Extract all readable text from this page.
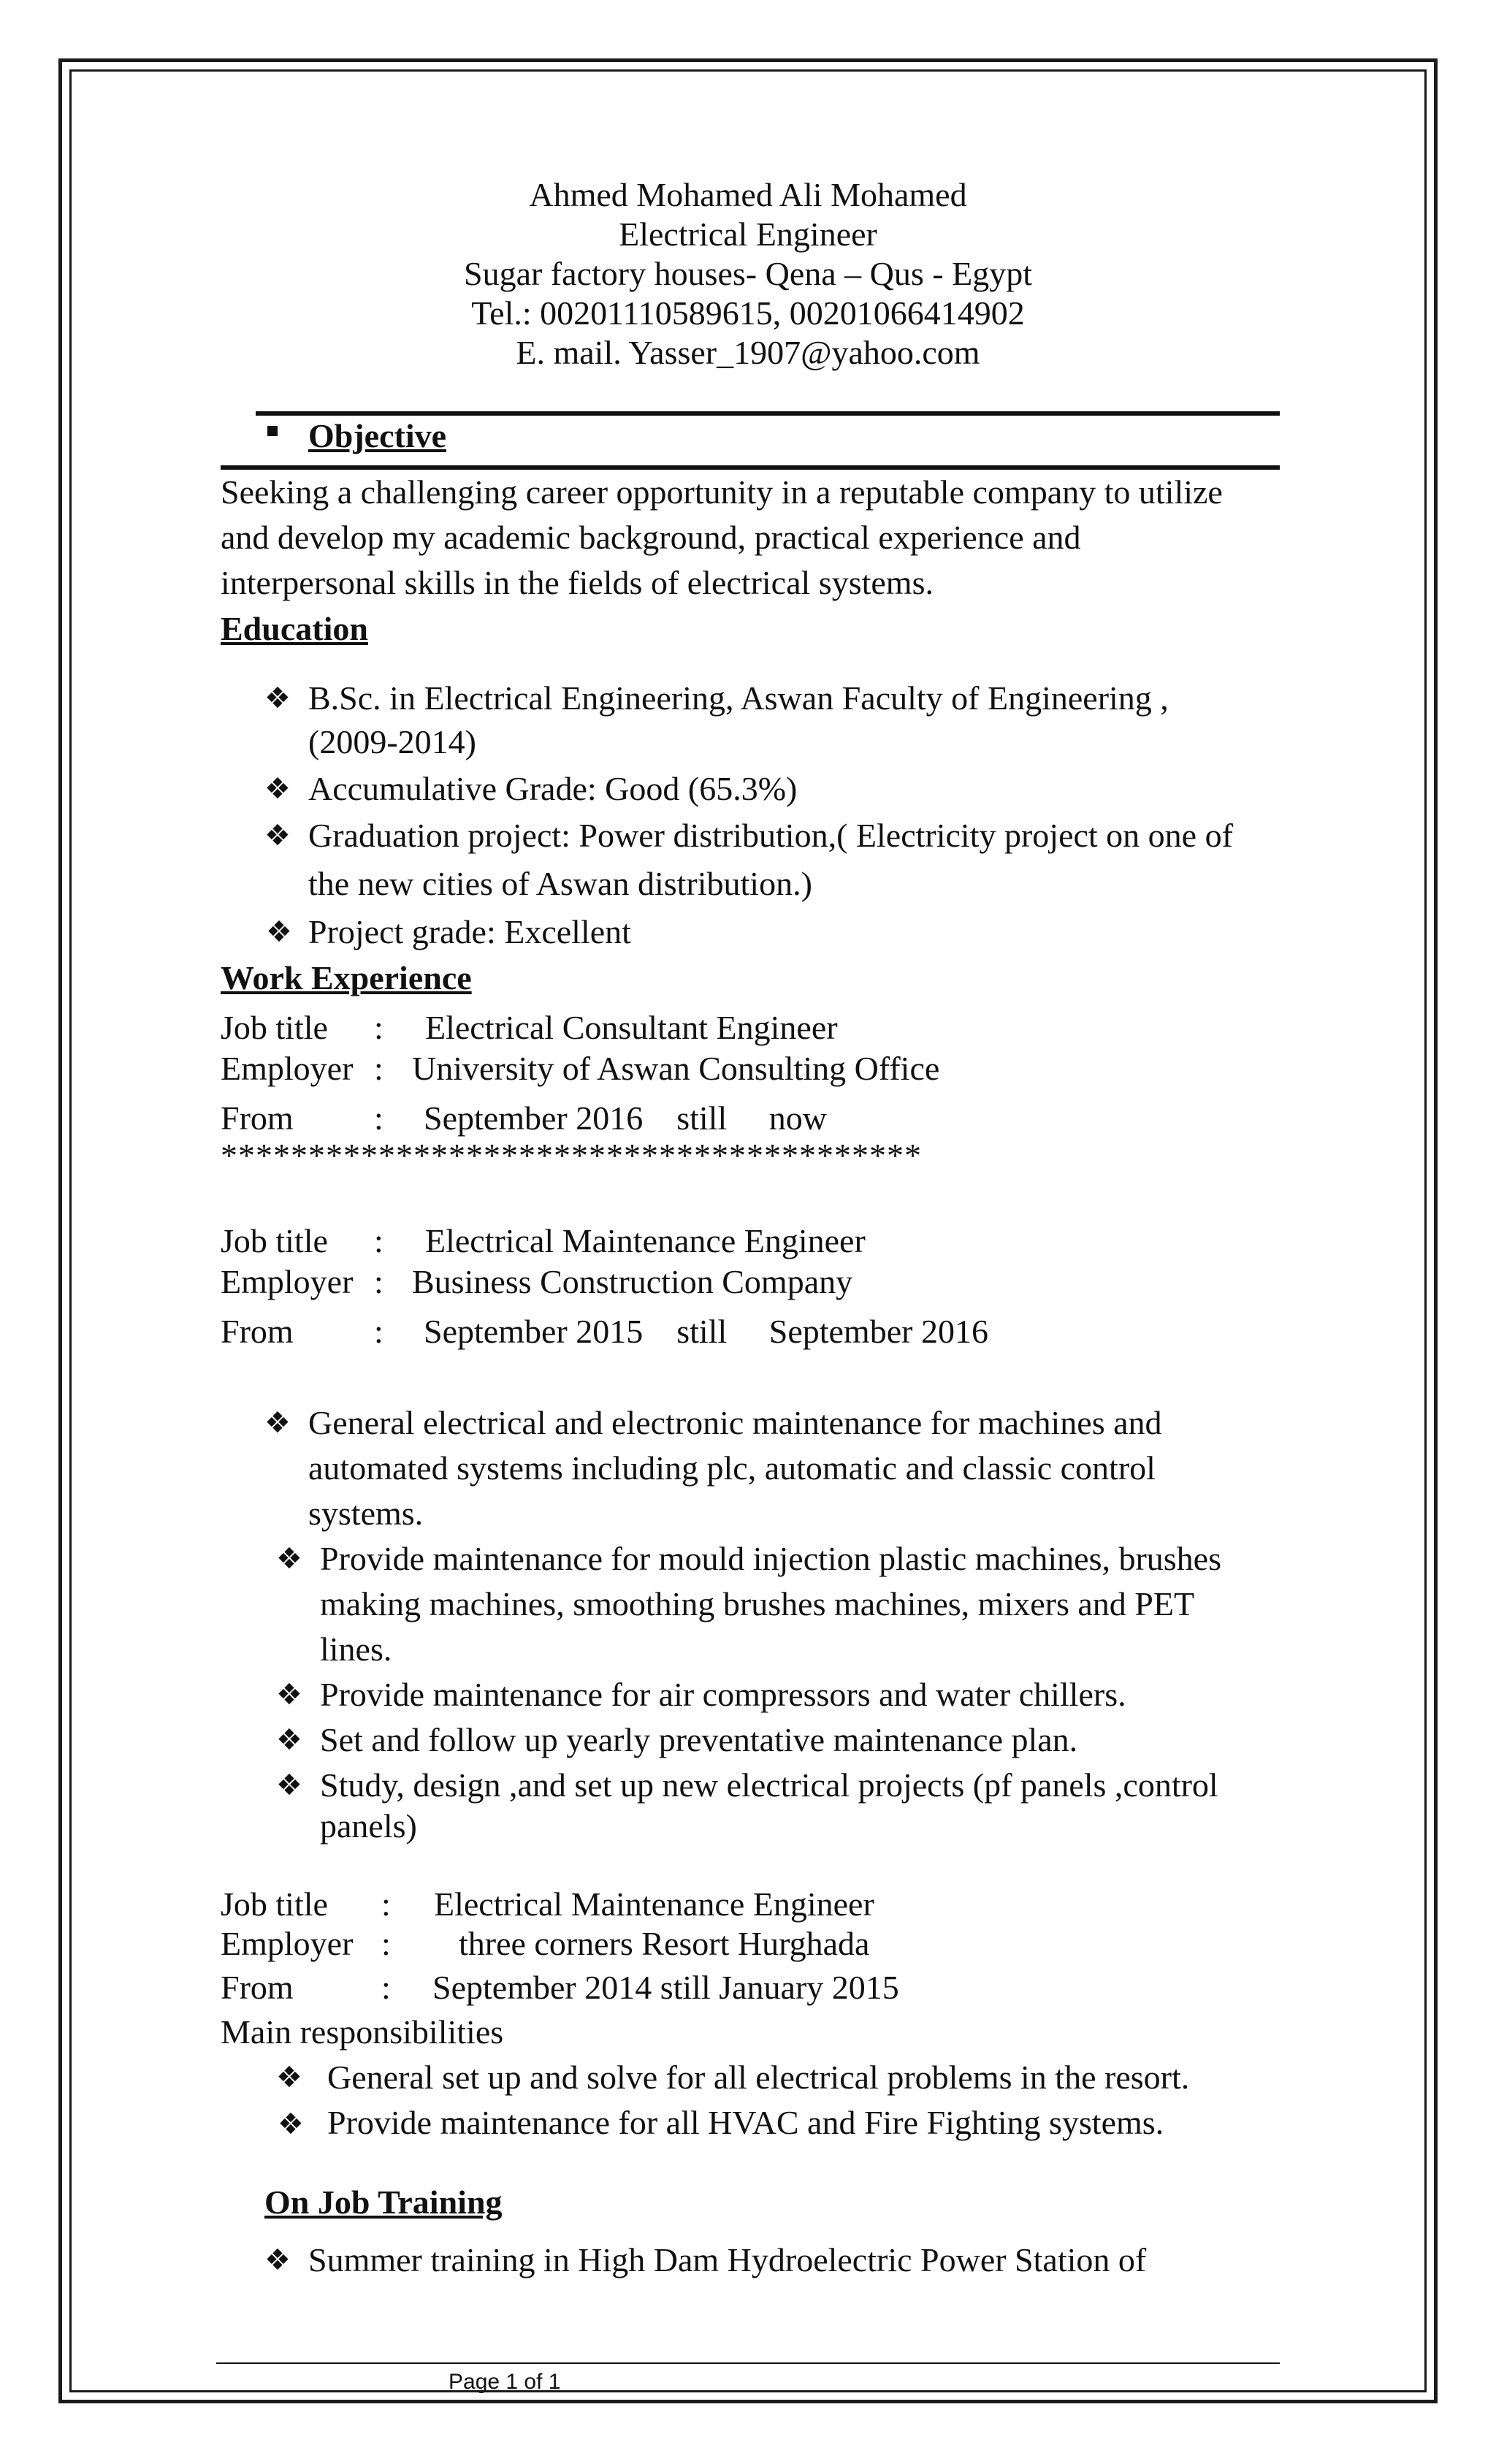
Ahmed Mohamed Ali Mohamed
Electrical Engineer
Sugar factory houses- Qena – Qus - Egypt
Tel.: 00201110589615, 00201066414902
E. mail. Yasser_1907@yahoo.com
Objective
Seeking a challenging career opportunity in a reputable company to utilize
and develop my academic background, practical experience and
interpersonal skills in the fields of electrical systems.
Education
❖ B.Sc. in Electrical Engineering, Aswan Faculty of Engineering ,
(2009-2014)
❖ Accumulative Grade: Good (65.3%)
❖ Graduation project: Power distribution,( Electricity project on one of
the new cities of Aswan distribution.)
❖ Project grade: Excellent
Work Experience
Job title : Electrical Consultant Engineer
Employer : University of Aswan Consulting Office
From : September 2016    still     now
****************************************
Job title : Electrical Maintenance Engineer
Employer : Business Construction Company
From : September 2015    still     September 2016
❖ General electrical and electronic maintenance for machines and
automated systems including plc, automatic and classic control
systems.
❖ Provide maintenance for mould injection plastic machines, brushes
making machines, smoothing brushes machines, mixers and PET
lines.
❖ Provide maintenance for air compressors and water chillers.
❖ Set and follow up yearly preventative maintenance plan.
❖ Study, design ,and set up new electrical projects (pf panels ,control
panels)
Job title : Electrical Maintenance Engineer
Employer : three corners Resort Hurghada
From	: September 2014 still January 2015
Main responsibilities
❖ General set up and solve for all electrical problems in the resort.
❖ Provide maintenance for all HVAC and Fire Fighting systems.
On Job Training
❖ Summer training in High Dam Hydroelectric Power Station of
Page 1 of 1
